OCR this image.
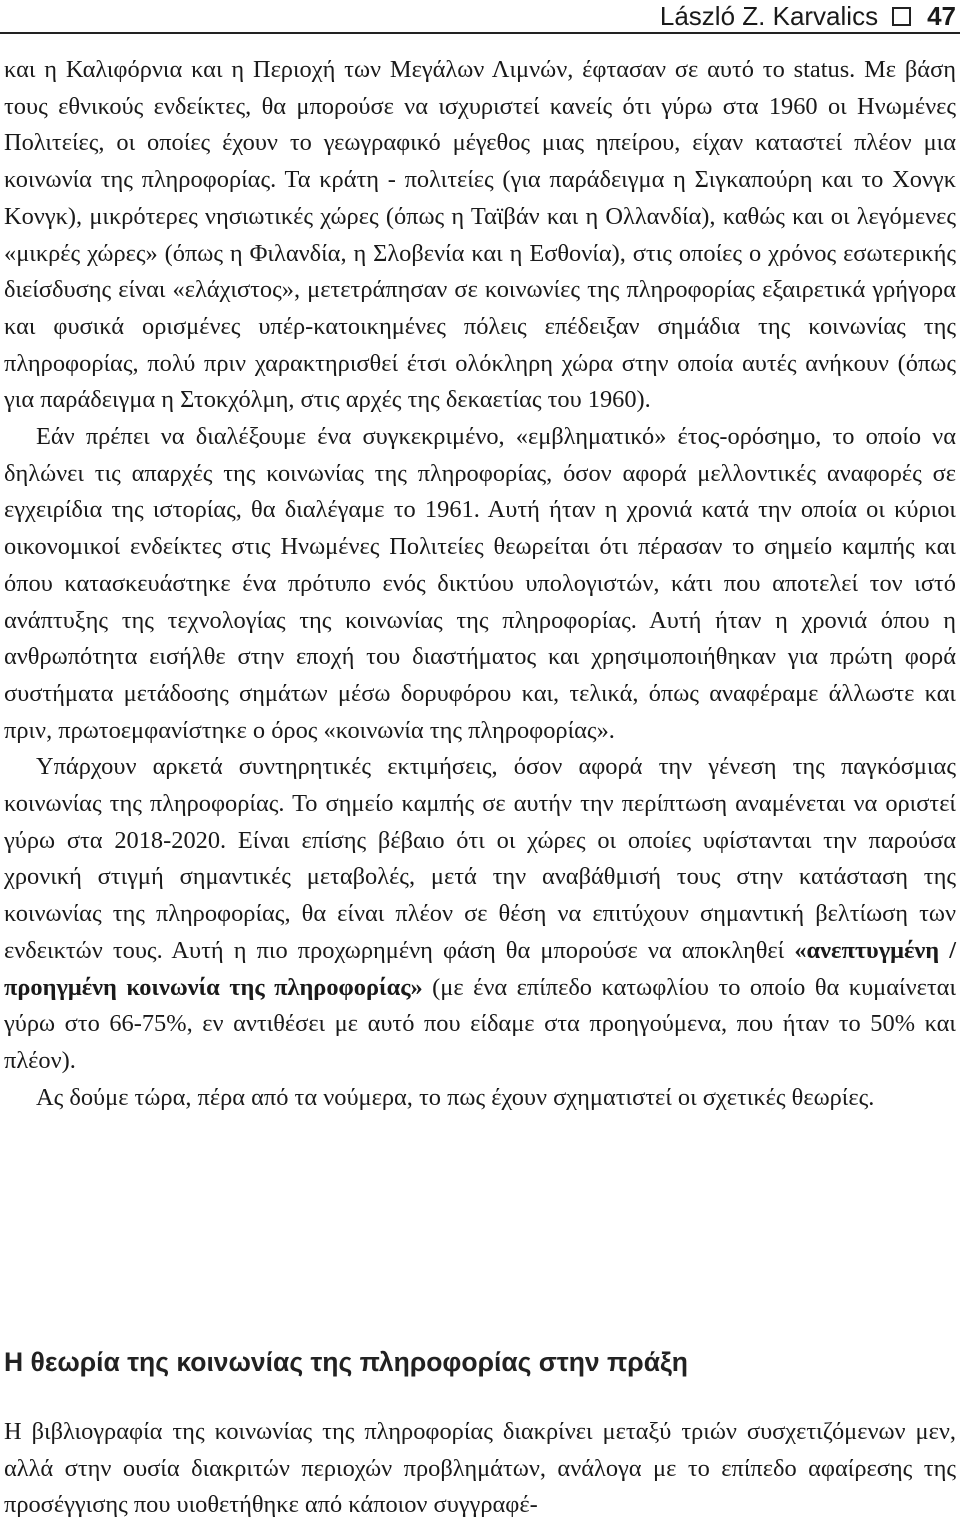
László Z. Karvalics 47

και η Καλιφόρνια και η Περιοχή των Μεγάλων Λιμνών, έφτασαν σε αυτό το status. Με βάση τους εθνικούς ενδείκτες, θα μπορούσε να ισχυριστεί κανείς ότι γύρω στα 1960 οι Ηνωμένες Πολιτείες, οι οποίες έχουν το γεωγραφικό μέγεθος μιας ηπείρου, είχαν καταστεί πλέον μια κοινωνία της πληροφορίας. Τα κράτη - πολιτείες (για παράδειγμα η Σιγκαπούρη και το Χονγκ Κονγκ), μικρότερες νησιωτικές χώρες (όπως η Ταϊβάν και η Ολλανδία), καθώς και οι λεγόμενες «μικρές χώρες» (όπως η Φιλανδία, η Σλοβενία και η Εσθονία), στις οποίες ο χρόνος εσωτερικής διείσδυσης είναι «ελάχιστος», μετετράπησαν σε κοινωνίες της πληροφορίας εξαιρετικά γρήγορα και φυσικά ορισμένες υπέρ-κατοικημένες πόλεις επέδειξαν σημάδια της κοινωνίας της πληροφορίας, πολύ πριν χαρακτηρισθεί έτσι ολόκληρη χώρα στην οποία αυτές ανήκουν (όπως για παράδειγμα η Στοκχόλμη, στις αρχές της δεκαετίας του 1960).

Εάν πρέπει να διαλέξουμε ένα συγκεκριμένο, «εμβληματικό» έτος-ορόσημο, το οποίο να δηλώνει τις απαρχές της κοινωνίας της πληροφορίας, όσον αφορά μελλοντικές αναφορές σε εγχειρίδια της ιστορίας, θα διαλέγαμε το 1961. Αυτή ήταν η χρονιά κατά την οποία οι κύριοι οικονομικοί ενδείκτες στις Ηνωμένες Πολιτείες θεωρείται ότι πέρασαν το σημείο καμπής και όπου κατασκευάστηκε ένα πρότυπο ενός δικτύου υπολογιστών, κάτι που αποτελεί τον ιστό ανάπτυξης της τεχνολογίας της κοινωνίας της πληροφορίας. Αυτή ήταν η χρονιά όπου η ανθρωπότητα εισήλθε στην εποχή του διαστήματος και χρησιμοποιήθηκαν για πρώτη φορά συστήματα μετάδοσης σημάτων μέσω δορυφόρου και, τελικά, όπως αναφέραμε άλλωστε και πριν, πρωτοεμφανίστηκε ο όρος «κοινωνία της πληροφορίας».

Υπάρχουν αρκετά συντηρητικές εκτιμήσεις, όσον αφορά την γένεση της παγκόσμιας κοινωνίας της πληροφορίας. Το σημείο καμπής σε αυτήν την περίπτωση αναμένεται να οριστεί γύρω στα 2018-2020. Είναι επίσης βέβαιο ότι οι χώρες οι οποίες υφίστανται την παρούσα χρονική στιγμή σημαντικές μεταβολές, μετά την αναβάθμισή τους στην κατάσταση της κοινωνίας της πληροφορίας, θα είναι πλέον σε θέση να επιτύχουν σημαντική βελτίωση των ενδεικτών τους. Αυτή η πιο προχωρημένη φάση θα μπορούσε να αποκληθεί «ανεπτυγμένη / προηγμένη κοινωνία της πληροφορίας» (με ένα επίπεδο κατωφλίου το οποίο θα κυμαίνεται γύρω στο 66-75%, εν αντιθέσει με αυτό που είδαμε στα προηγούμενα, που ήταν το 50% και πλέον).

Ας δούμε τώρα, πέρα από τα νούμερα, το πως έχουν σχηματιστεί οι σχετικές θεωρίες.

Η θεωρία της κοινωνίας της πληροφορίας στην πράξη

Η βιβλιογραφία της κοινωνίας της πληροφορίας διακρίνει μεταξύ τριών συσχετιζόμενων μεν, αλλά στην ουσία διακριτών περιοχών προβλημάτων, ανάλογα με το επίπεδο αφαίρεσης της προσέγγισης που υιοθετήθηκε από κάποιον συγγραφέ-
